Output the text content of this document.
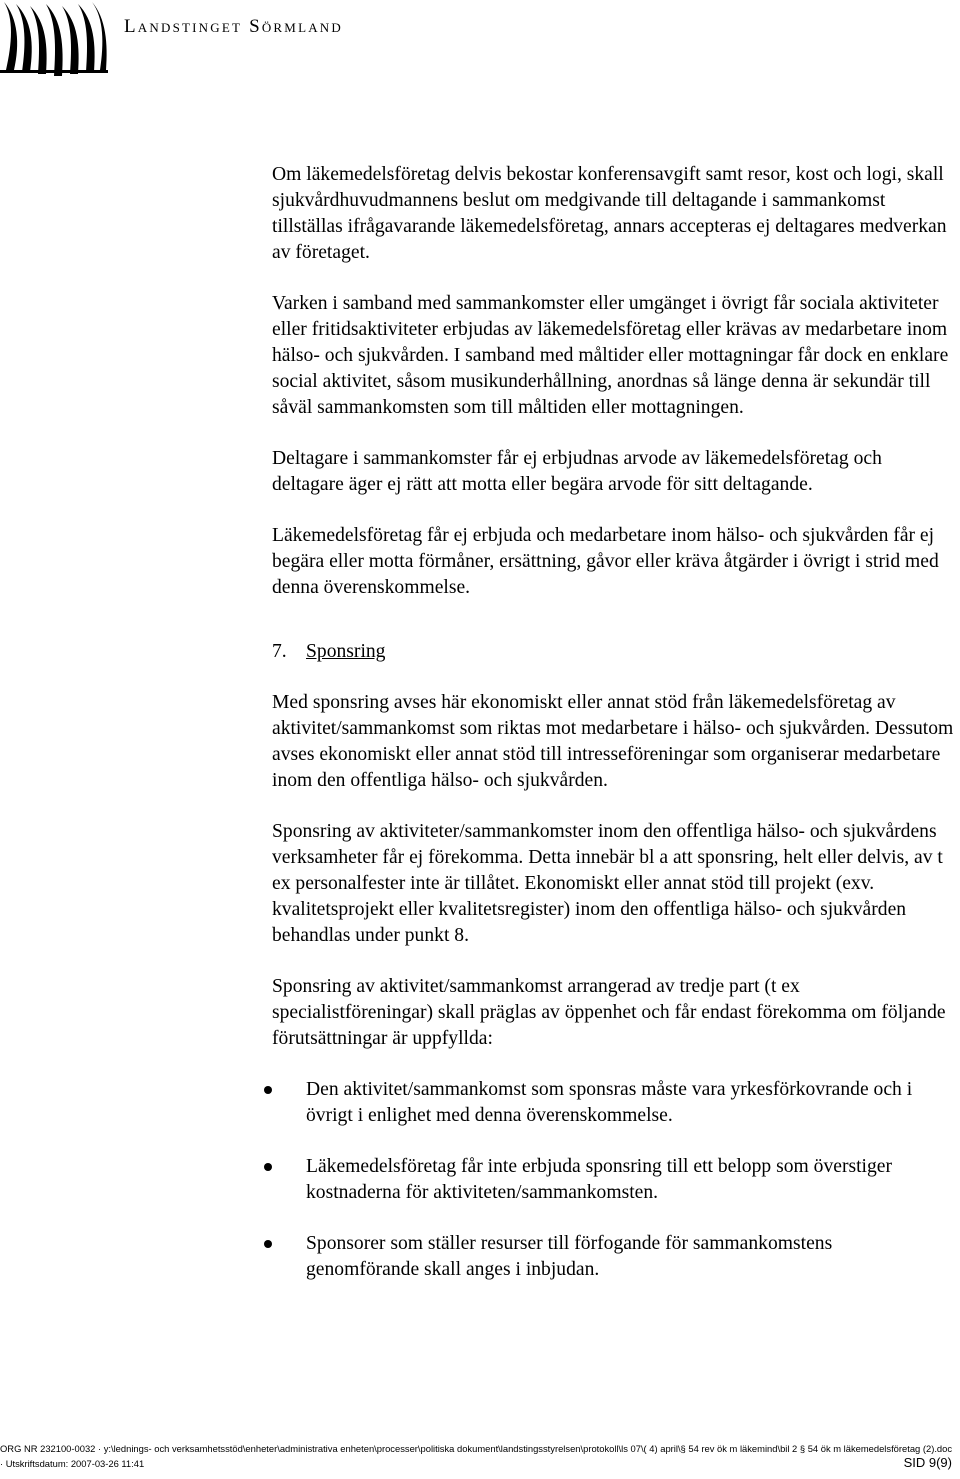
Landstinget Sörmland

Om läkemedelsföretag delvis bekostar konferensavgift samt resor, kost och logi, skall sjukvårdhuvudmannens beslut om medgivande till deltagande i sammankomst tillställas ifrågavarande läkemedelsföretag, annars accepteras ej deltagares medverkan av företaget.

Varken i samband med sammankomster eller umgänget i övrigt får sociala aktiviteter eller fritidsaktiviteter erbjudas av läkemedelsföretag eller krävas av medarbetare inom hälso- och sjukvården. I samband med måltider eller mottagningar får dock en enklare social aktivitet, såsom musikunderhållning, anordnas så länge denna är sekundär till såväl sammankomsten som till måltiden eller mottagningen.

Deltagare i sammankomster får ej erbjudnas arvode av läkemedelsföretag och deltagare äger ej rätt att motta eller begära arvode för sitt deltagande.

Läkemedelsföretag får ej erbjuda och medarbetare inom hälso- och sjukvården får ej begära eller motta förmåner, ersättning, gåvor eller kräva åtgärder i övrigt i strid med denna överenskommelse.

7. Sponsring

Med sponsring avses här ekonomiskt eller annat stöd från läkemedelsföretag av aktivitet/sammankomst som riktas mot medarbetare i hälso- och sjukvården. Dessutom avses ekonomiskt eller annat stöd till intresseföreningar som organiserar medarbetare inom den offentliga hälso- och sjukvården.

Sponsring av aktiviteter/sammankomster inom den offentliga hälso- och sjukvårdens verksamheter får ej förekomma. Detta innebär bl a att sponsring, helt eller delvis, av t ex personalfester inte är tillåtet. Ekonomiskt eller annat stöd till projekt (exv. kvalitetsprojekt eller kvalitetsregister) inom den offentliga hälso- och sjukvården behandlas under punkt 8.

Sponsring av aktivitet/sammankomst arrangerad av tredje part (t ex specialistföreningar) skall präglas av öppenhet och får endast förekomma om följande förutsättningar är uppfyllda:

Den aktivitet/sammankomst som sponsras måste vara yrkesförkovrande och i övrigt i enlighet med denna överenskommelse.
Läkemedelsföretag får inte erbjuda sponsring till ett belopp som överstiger kostnaderna för aktiviteten/sammankomsten.
Sponsorer som ställer resurser till förfogande för sammankomstens genomförande skall anges i inbjudan.
ORG NR 232100-0032 · y:\lednings- och verksamhetsstöd\enheter\administrativa enheten\processer\politiska dokument\landstingsstyrelsen\protokoll\ls 07\( 4) april\§ 54 rev ök m läkemind\bil 2 § 54 ök m läkemedelsföretag (2).doc
· Utskriftsdatum: 2007-03-26 11:41	SID 9(9)
